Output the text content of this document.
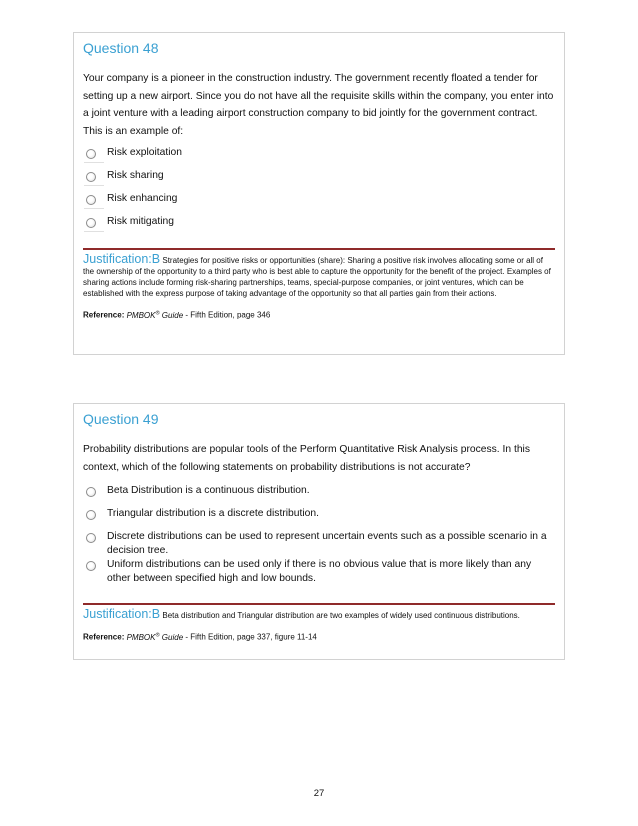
Question 48
Your company is a pioneer in the construction industry. The government recently floated a tender for setting up a new airport. Since you do not have all the requisite skills within the company, you enter into a joint venture with a leading airport construction company to bid jointly for the government contract. This is an example of:
Risk exploitation
Risk sharing
Risk enhancing
Risk mitigating
Justification:B Strategies for positive risks or opportunities (share): Sharing a positive risk involves allocating some or all of the ownership of the opportunity to a third party who is best able to capture the opportunity for the benefit of the project. Examples of sharing actions include forming risk-sharing partnerships, teams, special-purpose companies, or joint ventures, which can be established with the express purpose of taking advantage of the opportunity so that all parties gain from their actions.
Reference: PMBOK® Guide - Fifth Edition, page 346
Question 49
Probability distributions are popular tools of the Perform Quantitative Risk Analysis process. In this context, which of the following statements on probability distributions is not accurate?
Beta Distribution is a continuous distribution.
Triangular distribution is a discrete distribution.
Discrete distributions can be used to represent uncertain events such as a possible scenario in a decision tree.
Uniform distributions can be used only if there is no obvious value that is more likely than any other between specified high and low bounds.
Justification:B Beta distribution and Triangular distribution are two examples of widely used continuous distributions.
Reference: PMBOK® Guide - Fifth Edition, page 337, figure 11-14
27
